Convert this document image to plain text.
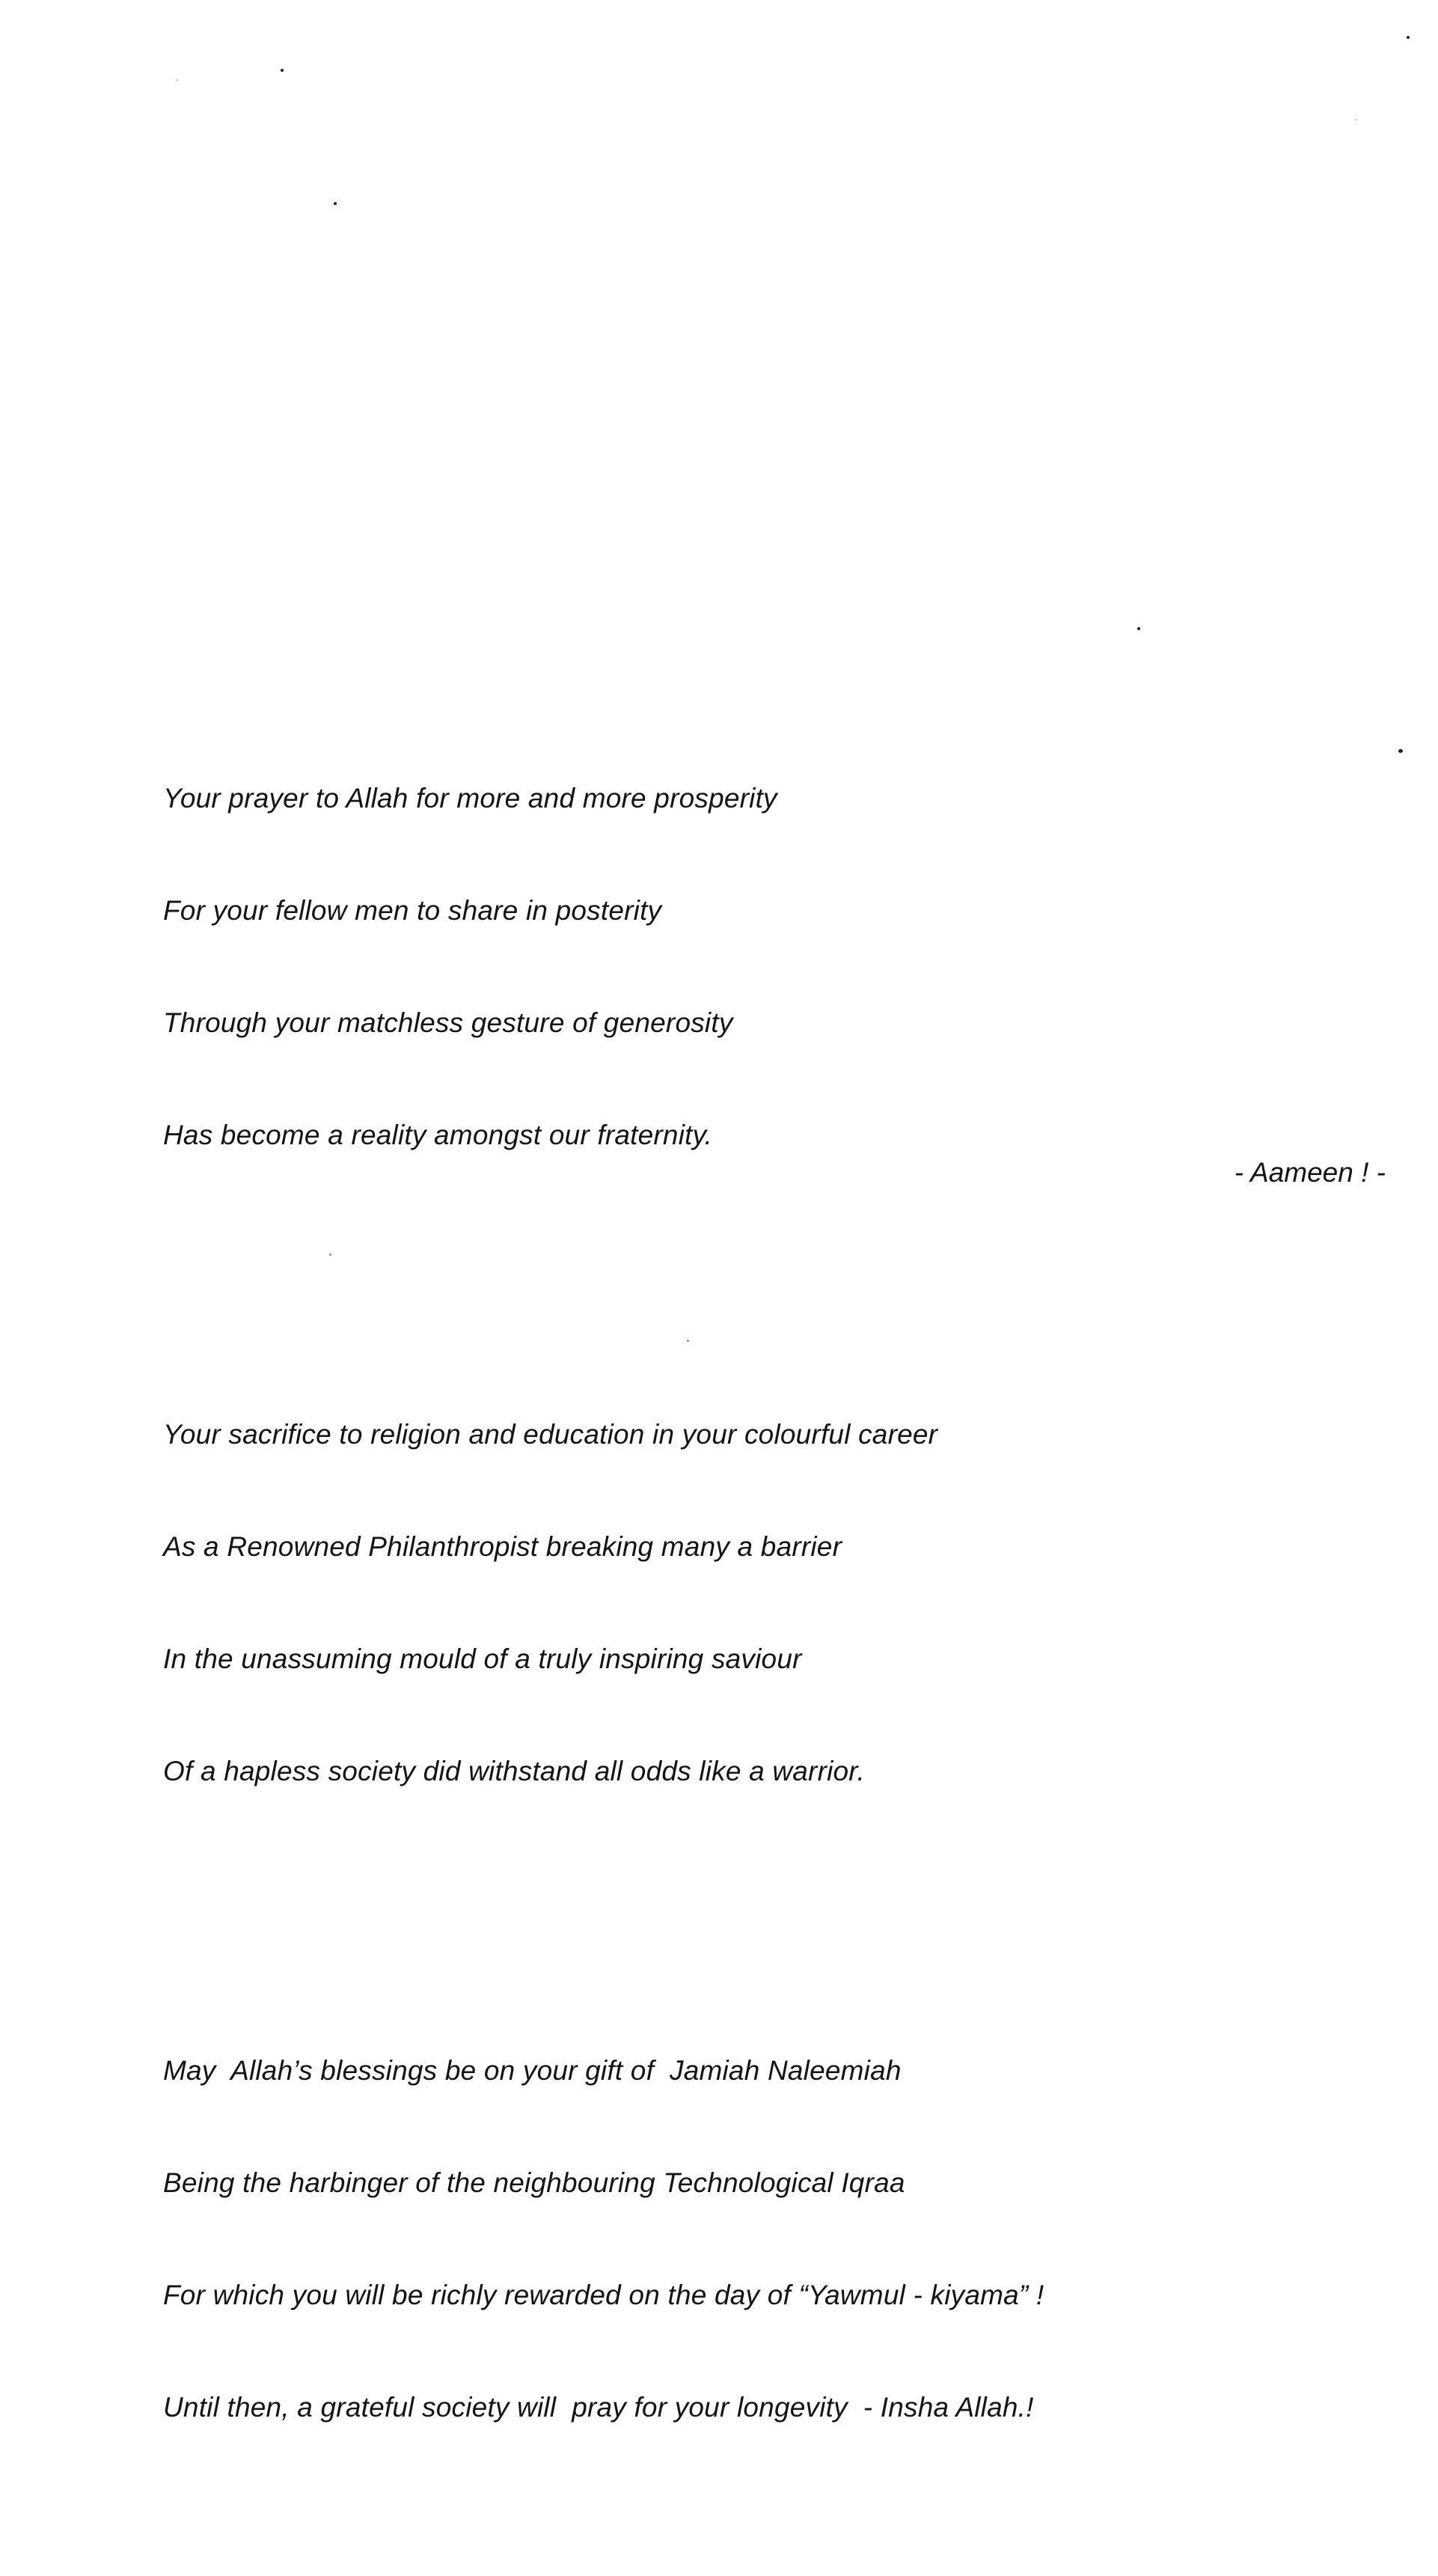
Your prayer to Allah for more and more prosperity

For your fellow men to share in posterity

Through your matchless gesture of generosity

Has become a reality amongst our fraternity.

Your sacrifice to religion and education in your colourful career

As a Renowned Philanthropist breaking many a barrier

In the unassuming mould of a truly inspiring saviour

Of a hapless society did withstand all odds like a warrior.

May  Allah’s blessings be on your gift of  Jamiah Naleemiah

Being the harbinger of the neighbouring Technological Iqraa

For which you will be richly rewarded on the day of “Yawmul - kiyama” !

Until then, a grateful society will  pray for your longevity  - Insha Allah.!

- Aameen ! -
